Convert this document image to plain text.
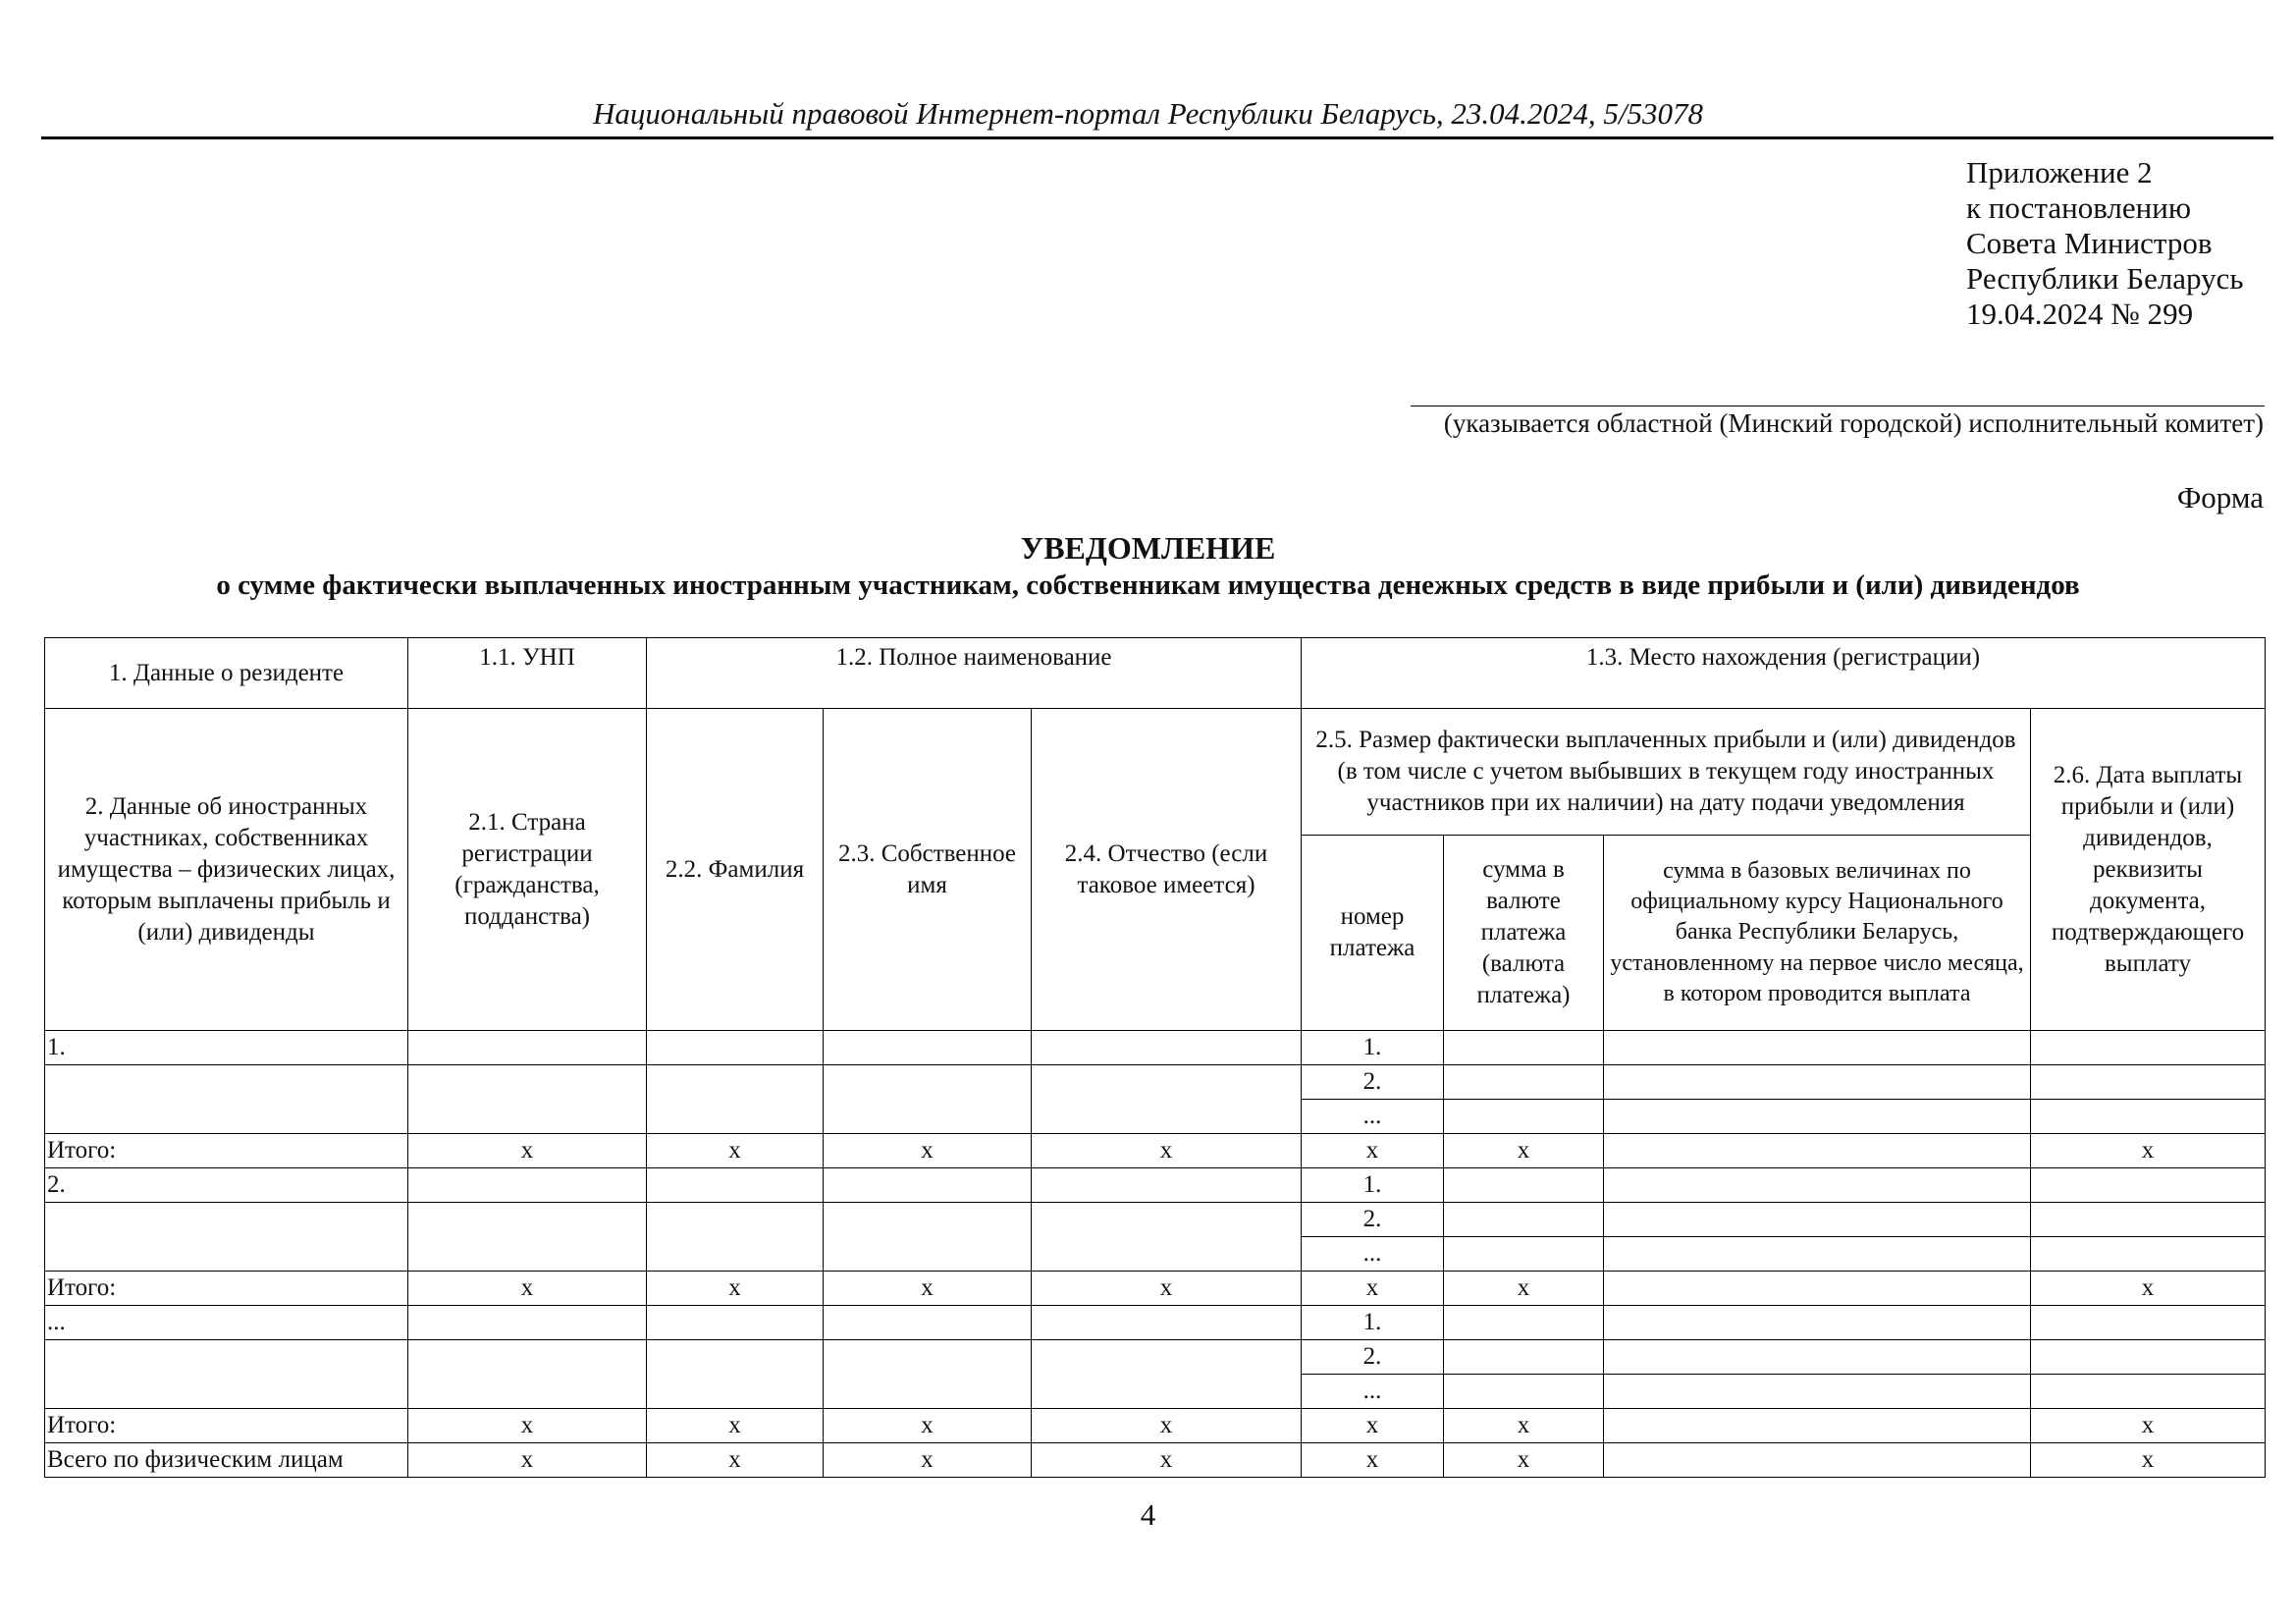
Национальный правовой Интернет-портал Республики Беларусь, 23.04.2024, 5/53078
Приложение 2
к постановлению
Совета Министров
Республики Беларусь
19.04.2024 № 299
(указывается областной (Минский городской) исполнительный комитет)
Форма
УВЕДОМЛЕНИЕ
о сумме фактически выплаченных иностранным участникам, собственникам имущества денежных средств в виде прибыли и (или) дивидендов
1. Данные о резиденте	1.1. УНП	1.2. Полное наименование			1.3. Место нахождения (регистрации)			
2. Данные об иностранных участниках, собственниках имущества – физических лицах, которым выплачены прибыль и (или) дивиденды	2.1. Страна регистрации (гражданства, подданства)	2.2. Фамилия	2.3. Собственное имя	2.4. Отчество (если таковое имеется)	2.5. Размер фактически выплаченных прибыли и (или) дивидендов (в том числе с учетом выбывших в текущем году иностранных участников при их наличии) на дату подачи уведомления			2.6. Дата выплаты прибыли и (или) дивидендов, реквизиты документа, подтверждающего выплату
					номер платежа	сумма в валюте платежа (валюта платежа)	сумма в базовых величинах по официальному курсу Национального банка Республики Беларусь, установленному на первое число месяца, в котором проводится выплата	
1.					1.			
					2.			
					...			
Итого:	x	x	x	x	x	x		x
2.					1.			
					2.			
					...			
Итого:	x	x	x	x	x	x		x
...					1.			
					2.			
					...			
Итого:	x	x	x	x	x	x		x
Всего по физическим лицам	x	x	x	x	x	x		x
4
